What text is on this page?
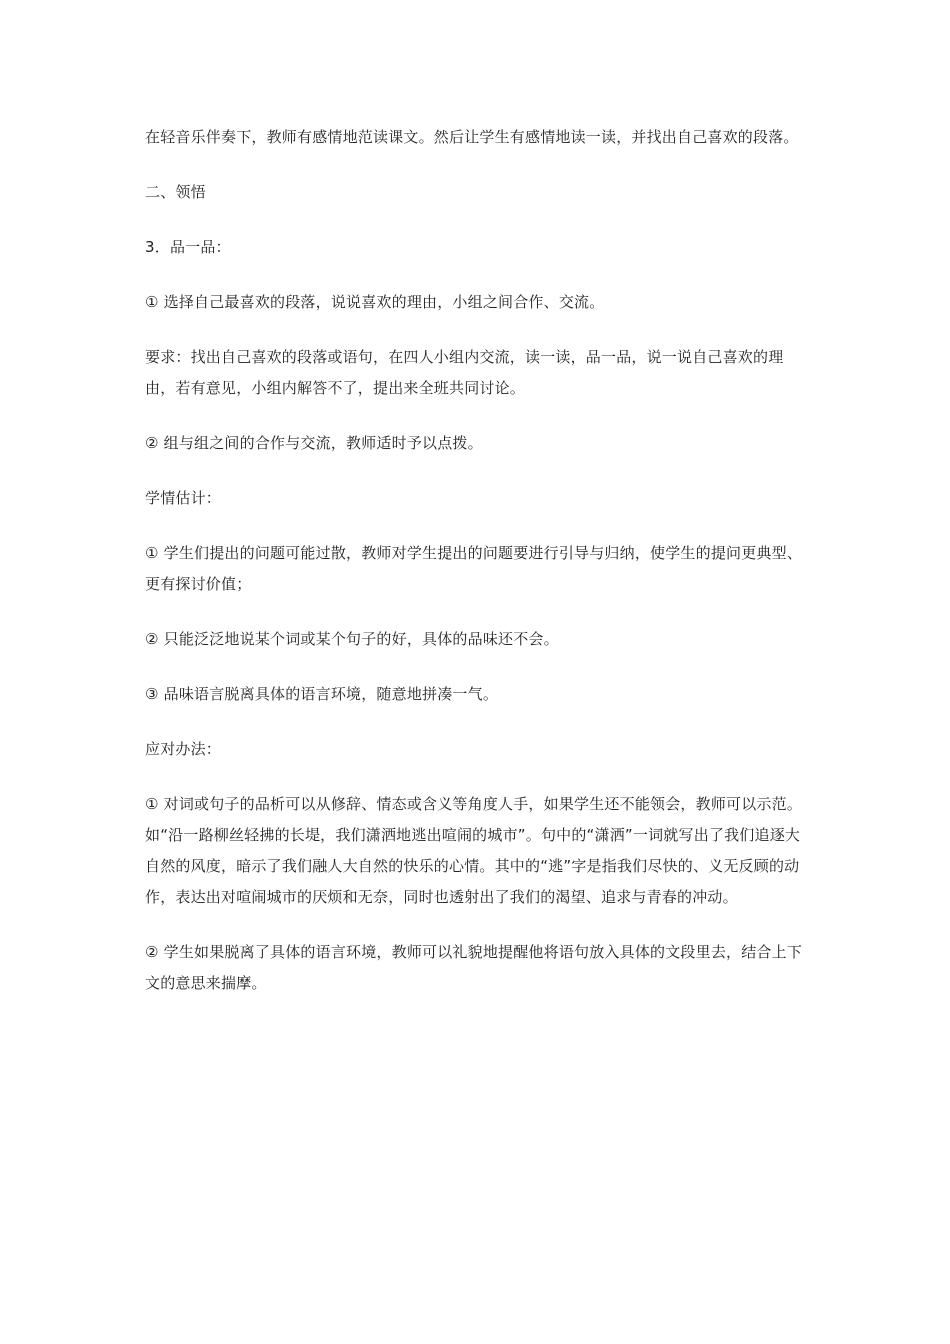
在轻音乐伴奏下，教师有感情地范读课文。然后让学生有感情地读一读，并找出自己喜欢的段落。

二、领悟

3．品一品：

① 选择自己最喜欢的段落，说说喜欢的理由，小组之间合作、交流。

要求：找出自己喜欢的段落或语句，在四人小组内交流，读一读，品一品，说一说自己喜欢的理由，若有意见，小组内解答不了，提出来全班共同讨论。

② 组与组之间的合作与交流，教师适时予以点拨。

学情估计：

① 学生们提出的问题可能过散，教师对学生提出的问题要进行引导与归纳，使学生的提问更典型、更有探讨价值；

② 只能泛泛地说某个词或某个句子的好，具体的品味还不会。

③ 品味语言脱离具体的语言环境，随意地拼凑一气。

应对办法：

① 对词或句子的品析可以从修辞、情态或含义等角度人手，如果学生还不能领会，教师可以示范。如“沿一路柳丝轻拂的长堤，我们潇洒地逃出喧闹的城市”。句中的“潇洒”一词就写出了我们追逐大自然的风度，暗示了我们融人大自然的快乐的心情。其中的“逃”字是指我们尽快的、义无反顾的动作，表达出对喧闹城市的厌烦和无奈，同时也透射出了我们的渴望、追求与青春的冲动。

② 学生如果脱离了具体的语言环境，教师可以礼貌地提醒他将语句放入具体的文段里去，结合上下文的意思来揣摩。
